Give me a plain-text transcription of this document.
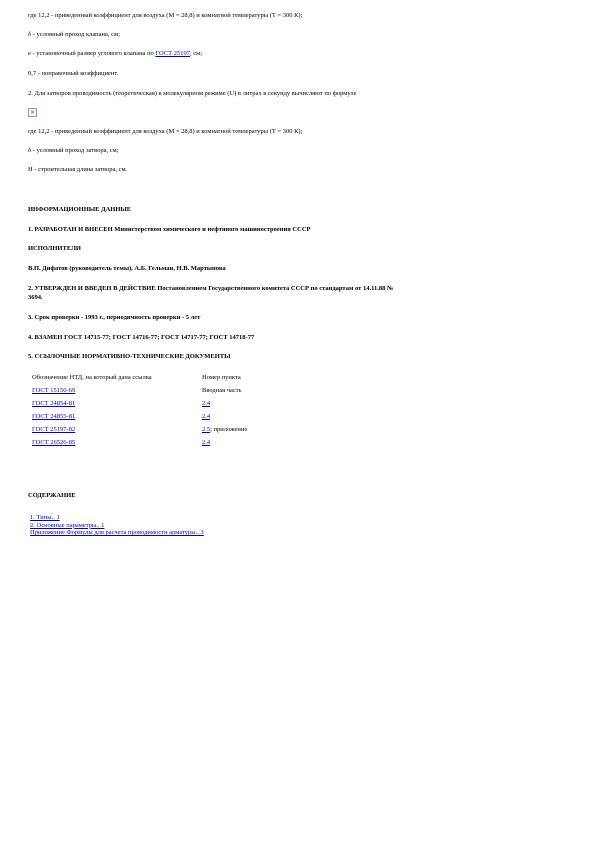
где 12,2 - приведенный коэффициент для воздуха (M = 28,8) и комнатной температуры (T = 300 К);

δ - условный проход клапана, см;

e - установочный размер углового клапана по ГОСТ 25197, см;

0,7 - поправочный коэффициент.

2. Для затворов проводимость (теоретическая) в молекулярном режиме (U) в литрах в секунду вычисляют по формуле

×

где 12,2 - приведенный коэффициент для воздуха (M = 28,8) и комнатной температуры (T = 300 К);

δ - условный проход затвора, см;

H - строительная длина затвора, см.

ИНФОРМАЦИОННЫЕ ДАННЫЕ

1. РАЗРАБОТАН И ВНЕСЕН Министерством химического и нефтяного машиностроения СССР

ИСПОЛНИТЕЛИ

В.П. Дифатов (руководитель темы), А.Б. Гельман, Н.В. Мартынова

2. УТВЕРЖДЕН И ВВЕДЕН В ДЕЙСТВИЕ Постановлением Государственного комитета СССР по стандартам от 14.11.88 №

3694.

3. Срок проверки - 1993 г., периодичность проверки - 5 лет

4. ВЗАМЕН ГОСТ 14715-77; ГОСТ 14716-77; ГОСТ 14717-77; ГОСТ 14718-77

5. ССЫЛОЧНЫЕ НОРМАТИВНО-ТЕХНИЧЕСКИЕ ДОКУМЕНТЫ

Обозначение НТД, на который дана ссылка	Номер пункта
ГОСТ 15150-69	Вводная часть
ГОСТ 24854-81	2.4
ГОСТ 24855-81	2.4
ГОСТ 25197-82	2.5; приложение
ГОСТ 26526-85	2.4

СОДЕРЖАНИЕ

1. Типы.. 1
2. Основные параметры.. 1
Приложение Формулы для расчета проводимости арматуры.. 3
